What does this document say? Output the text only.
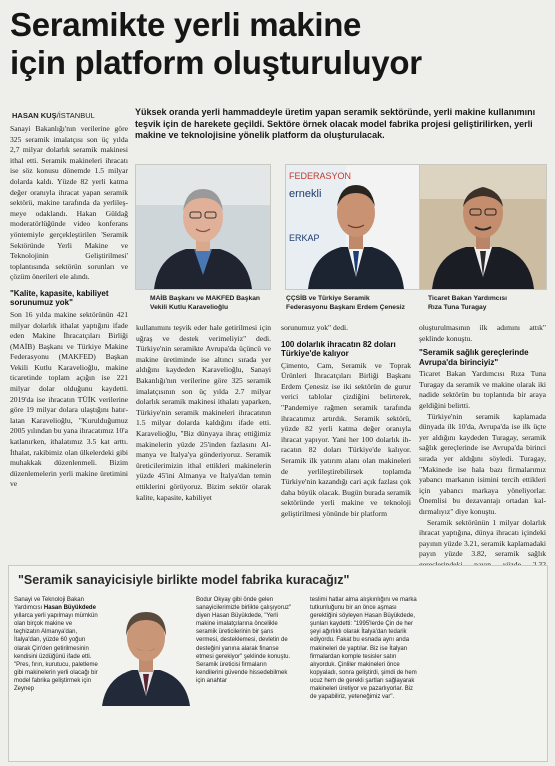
Seramikte yerli makine
için platform oluşturuluyor
HASAN KUŞ/İSTANBUL	Yüksek oranda yerli hammaddeyle üretim yapan seramik sektöründe, yerli makine kullanımını teşvik için de harekete geçildi. Sektöre örnek olacak model fabrika projesi geliştirilirken, yerli makine ve teknolojisine yönelik platform da oluşturulacak.

Sanayi Bakanlığı'nın verilerine göre 325 seramik imalatçısı son üç yılda 2,7 milyar dolarlık seramik makinesi ithal etti. Seramik makineleri ihracatı ise söz konusu dönemde 1.5 milyar dolarda kaldı. Yüzde 82 yerli katma değer oranıyla ihracat yapan seramik sektörü, makine tarafında da yerlileşmeye odaklandı. Hakan Güldağ moderatörlüğünde video konferans yöntemiyle gerçekleştirilen 'Seramik Sektöründe Yerli Makine ve Teknolojinin Geliştirilmesi' toplantısında sektörün sorunları ve çözüm önerileri ele alındı.

"Kalite, kapasite, kabiliyet sorunumuz yok"

Son 16 yılda makine sektörünün 421 milyar dolarlık ithalat yaptığını ifade eden Makine İhracatçıları Birliği (MAİB) Başkanı ve Türkiye Makine Federasyonu (MAKFED) Başkan Vekili Kutlu Karavelioğlu, makine ticaretinde toplam açığın ise 221 milyar dolar olduğunu kaydetti. 2019'da ise ihracatın TÜİK verilerine göre 19 milyar dolara ulaştığını hatırlatan Karavelioğlu, "Kurulduğumuz 2005 yılından bu yana ihracatımız 10'a katlanırken, ithalatımız 3.5 kat arttı. İthalat, rakibimiz olan ülkelerdeki gibi muhakkak düzenlenmeli. Bizim düzenlemelerin yerli makine üretimini ve

MAİB Başkanı ve MAKFED Başkan

Vekili Kutlu Karavelioğlu

FEDERASYON
ernekli
ERKAP

ÇÇSİB ve Türkiye Seramik

Federasyonu Başkanı Erdem Çenesiz

Ticaret Bakan Yardımcısı

Rıza Tuna Turagay

kullanımını teşvik eder hale getirilmesi için uğraş ve destek verimeliyiz" dedi. Türkiye'nin seramikte Avrupa'da üçüncü ve makine üretiminde ise altıncı sırada yer aldığını kaydeden Karavelioğlu, Sanayi Bakanlığı'nın verilerine göre 325 seramik imalatçısının son üç yılda 2.7 milyar dolarlık seramik makinesi ithalatı yaparken, Türkiye'nin seramik makineleri ihracatının 1.5 milyar dolarda kaldığını ifade etti. Karavelioğlu, "Biz dünyaya ihraç ettiğimiz makinelerin yüzde 25'inden fazlasını Almanya ve İtalya'ya gönderiyoruz. Seramik üreticilerimizin ithal ettikleri makinelerin yüzde 45'ini Almanya ve İtalya'dan temin ettiklerini görüyoruz. Bizim sektör olarak kalite, kapasite, kabiliyet

sorunumuz yok" dedi.

100 dolarlık ihracatın 82 doları Türkiye'de kalıyor

Çimento, Cam, Seramik ve Toprak Ürünleri İhracatçıları Birliği Başkanı Erdem Çenesiz ise iki sektörün de gurur verici tablolar çizdiğini belirterek, "Pandemiye rağmen seramik tarafında ihracatımız artırdık. Seramik sektörü, yüzde 82 yerli katma değer oranıyla ihracat yapıyor. Yani her 100 dolarlık ihracatın 82 doları Türkiye'de kalıyor. Seramik ilk yatırım alanı olan makineleri de yerlileştirebilirsek toplamda Türkiye'nin kazandığı cari açık fazlası çok daha büyük olacak. Bugün burada seramik sektöründe yerli makine ve teknoloji geliştirilmesi yönünde bir platform

oluşturulmasının ilk adımını attık" şeklinde konuştu.

"Seramik sağlık gereçlerinde Avrupa'da birinciyiz"

Ticaret Bakan Yardımcısı Rıza Tuna Turagay da seramik ve makine olarak iki nadide sektörün bu toplantıda bir araya geldiğini belirtti.

Türkiye'nin seramik kaplamada dünyada ilk 10'da, Avrupa'da ise ilk üçte yer aldığını kaydeden Turagay, seramik sağlık gereçlerinde ise Avrupa'da birinci sırada yer aldığını söyledi. Turagay, "Makinede ise hala bazı firmalarımız yabancı markanın isimini tercih ettikleri için yabancı markaya yöneliyorlar. Önemlisi bu dezavantajı ortadan kaldırmalıyız" diye konuştu.

Seramik sektörünün 1 milyar dolarlık ihracat yaptığına, dünya ihracatı içindeki payının yüzde 3.21, seramik kaplamadaki payın yüzde 3.82, seramik sağlık

"Seramik sanayicisiyle birlikte model fabrika kuracağız"

Sanayi ve Teknoloji Bakan
Yardımcısı Hasan Büyükdede yıllarca yerli yapılmayı mümkün olan birçok makine ve teçhizatın Almanya'dan, İtalya'dan, yüzde 60 yoğun olarak Çin'den getirilmesinin kendisini üzdüğünü ifade etti. "Pres, fırın, kurutucu, paletleme gibi makinelerin yerli olacağı bir model fabrika geliştirmek için Zeynep

Bodur Okyay gibi önde gelen sanayicilerimizle birlikte çalışıyoruz" diyen Hasan Büyükdede, "Yerli makine imalatçılarına öncelikle seramik üreticilerinin bir şans vermesi, desteklemesi, devletin de desteğini yanına alarak finanse etmesi gerekiyor" şeklinde konuştu. Seramik üreticisi firmaların kendilerini güvende hissedebilmek için anahtar

teslimi hatlar alma alışkınlığını ve marka tutkunluğunu bir an önce aşması gerektiğini söyleyen Hasan Büyükdede, şunları kaydetti: "1995'lerde Çin de her şeyi ağırlıklı olarak İtalya'dan tedarik ediyordu. Fakat bu esnada aynı anda makineleri de yaptılar. Biz ise İtalyan firmalardan komple tesisler satın alıyorduk. Çinliler makineleri önce kopyaladı, sonra geliştirdi, şimdi de hem ucuz hem de gerekli şartları sağlayarak makineleri üretiyor ve pazarlıyorlar. Biz de yapabiliriz, yeteneğimiz var".
